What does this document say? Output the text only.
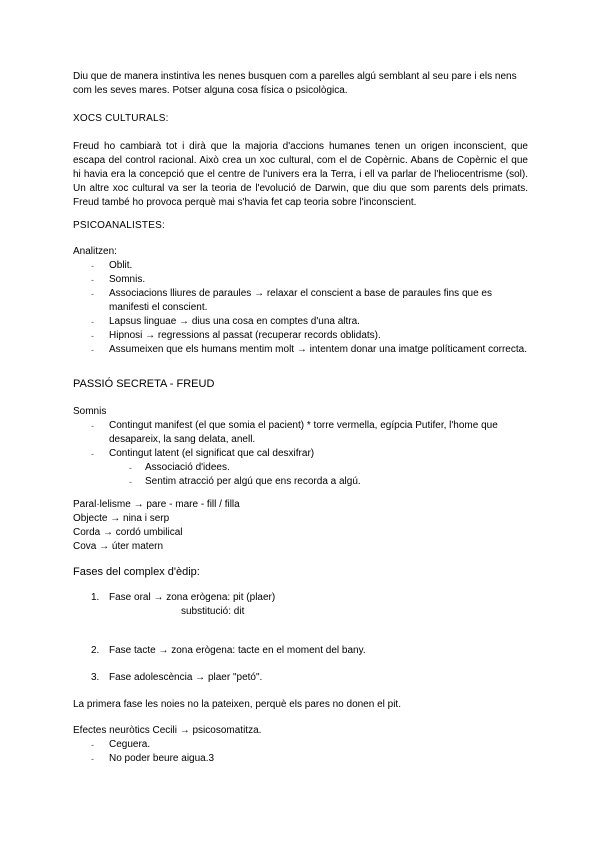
Diu que de manera instintiva les nenes busquen com a parelles algú semblant al seu pare i els nens com les seves mares. Potser alguna cosa física o psicològica.
XOCS CULTURALS:
Freud ho cambiarà tot i dirà que la majoria d'accions humanes tenen un origen inconscient, que escapa del control racional. Això crea un xoc cultural, com el de Copèrnic. Abans de Copèrnic el que hi havia era la concepció que el centre de l'univers era la Terra, i ell va parlar de l'heliocentrisme (sol). Un altre xoc cultural va ser la teoria de l'evolució de Darwin, que diu que som parents dels primats. Freud també ho provoca perquè mai s'havia fet cap teoria sobre l'inconscient.
PSICOANALISTES:
Analitzen:
- Oblit.
- Somnis.
- Associacions lliures de paraules → relaxar el conscient a base de paraules fins que es manifesti el conscient.
- Lapsus linguae → dius una cosa en comptes d'una altra.
- Hipnosi → regressions al passat (recuperar records oblidats).
- Assumeixen que els humans mentim molt → intentem donar una imatge políticament correcta.
PASSIÓ SECRETA - FREUD
Somnis
- Contingut manifest (el que somia el pacient) * torre vermella, egípcia Putifer, l'home que desapareix, la sang delata, anell.
- Contingut latent (el significat que cal desxifrar)
- Associació d'idees.
- Sentim atracció per algú que ens recorda a algú.
Paral·lelisme → pare - mare - fill / filla
Objecte → nina i serp
Corda → cordó umbilical
Cova → úter matern
Fases del complex d'èdip:
1. Fase oral → zona erògena: pit (plaer)
substitució: dit
2. Fase tacte → zona erògena: tacte en el moment del bany.
3. Fase adolescència → plaer "petó".
La primera fase les noies no la pateixen, perquè els pares no donen el pit.
Efectes neuròtics Cecili → psicosomatitza.
- Ceguera.
- No poder beure aigua.3
